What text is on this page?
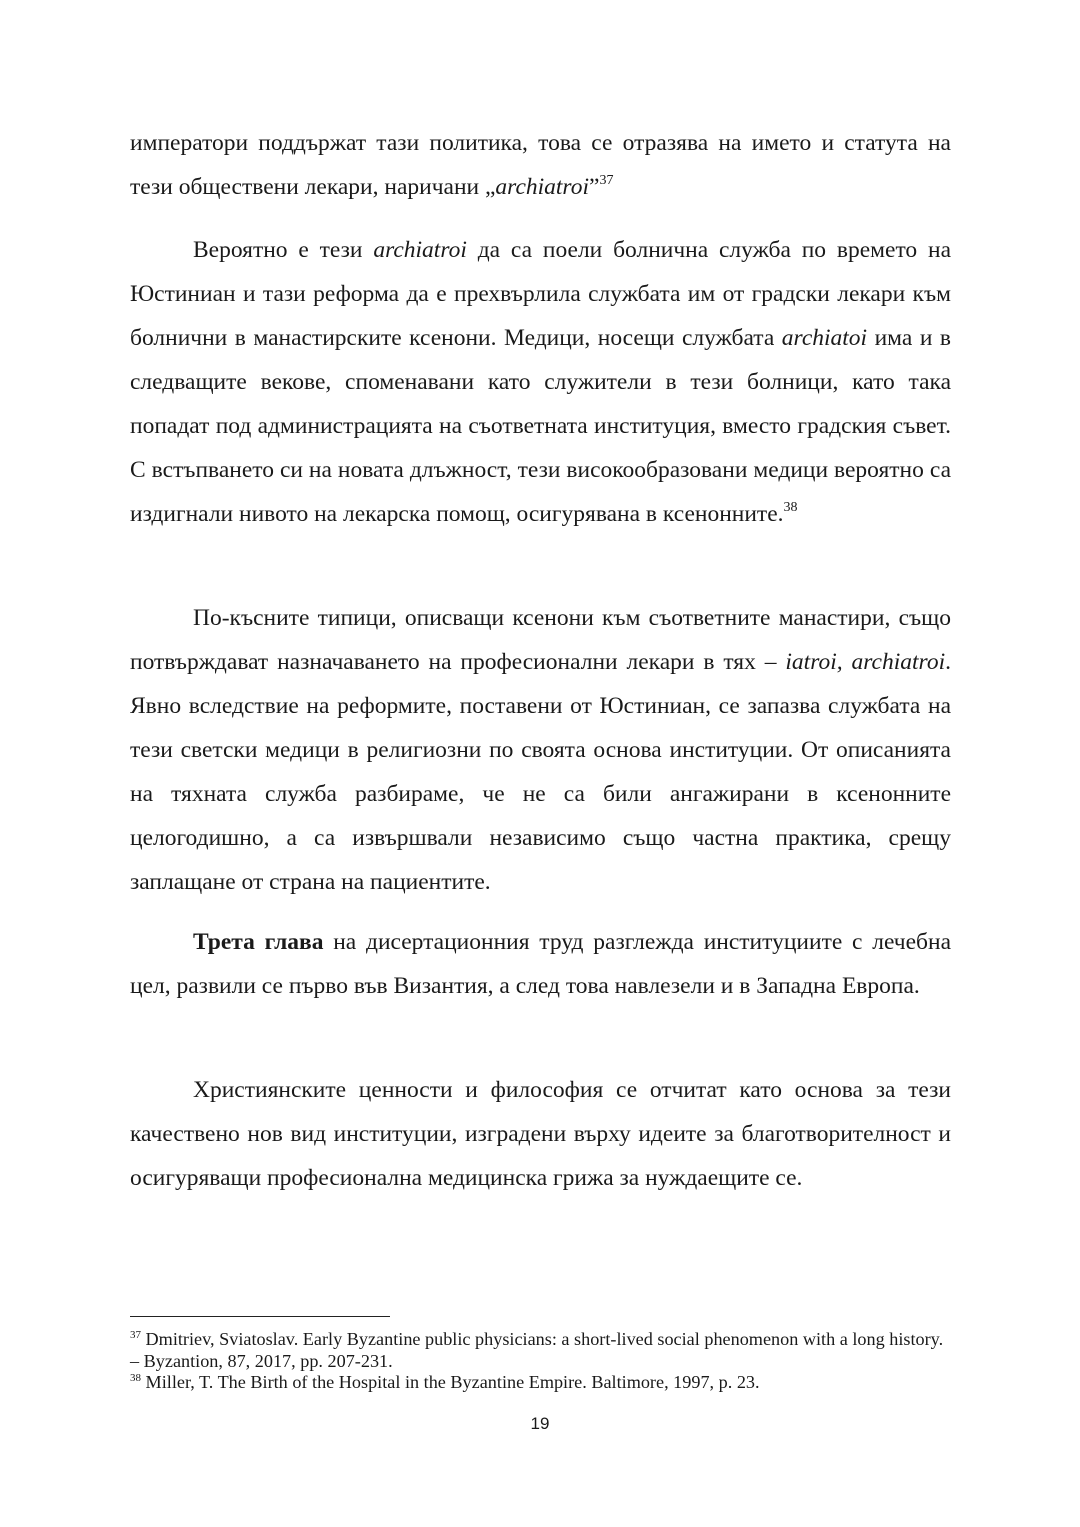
императори поддържат тази политика, това се отразява на името и статута на тези обществени лекари, наричани „archiatroi”$^{37}$

Вероятно е тези archiatroi да са поели болнична служба по времето на Юстиниан и тази реформа да е прехвърлила службата им от градски лекари към болнични в манастирските ксенони. Медици, носещи службата archiatoi има и в следващите векове, споменавани като служители в тези болници, като така попадат под администрацията на съответната институция, вместо градския съвет. С встъпването си на новата длъжност, тези високообразовани медици вероятно са издигнали нивото на лекарска помощ, осигурявана в ксенонните.$^{38}$

По-късните типици, описващи ксенони към съответните манастири, също потвърждават назначаването на професионални лекари в тях – iatroi, archiatroi. Явно вследствие на реформите, поставени от Юстиниан, се запазва службата на тези светски медици в религиозни по своята основа институции. От описанията на тяхната служба разбираме, че не са били ангажирани в ксенонните целогодишно, а са извършвали независимо също частна практика, срещу заплащане от страна на пациентите.

Трета глава на дисертационния труд разглежда институциите с лечебна цел, развили се първо във Византия, а след това навлезели и в Западна Европа.

Християнските ценности и философия се отчитат като основа за тези качествено нов вид институции, изградени върху идеите за благотворителност и осигуряващи професионална медицинска грижа за нуждаещите се.

$^{37}$ Dmitriev, Sviatoslav. Early Byzantine public physicians: a short-lived social phenomenon with a long history. – Byzantion, 87, 2017, pp. 207-231.

$^{38}$ Miller, T. The Birth of the Hospital in the Byzantine Empire. Baltimore, 1997, p. 23.

19
